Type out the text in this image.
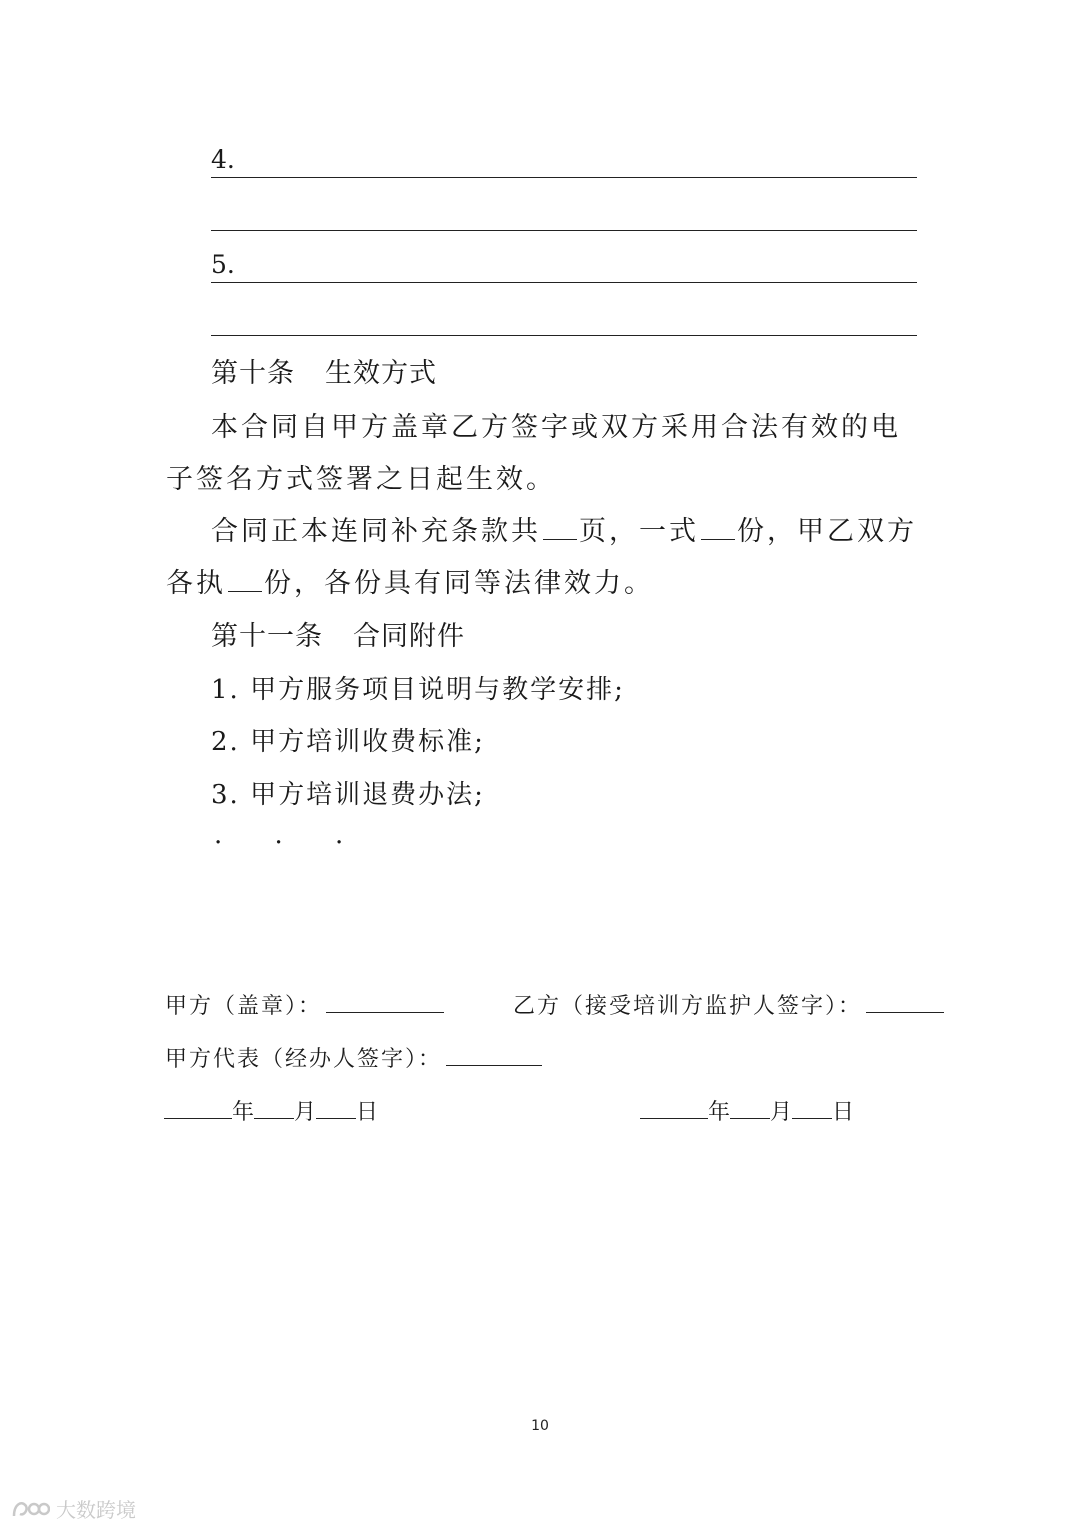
4.
5.
第十条 生效方式
本合同自甲方盖章乙方签字或双方采用合法有效的电子签名方式签署之日起生效。
合同正本连同补充条款共 页，一式 份，甲乙双方各执 份，各份具有同等法律效力。
第十一条 合同附件
1. 甲方服务项目说明与教学安排;
2. 甲方培训收费标准;
3. 甲方培训退费办法;
· · ·
甲方（盖章）：	乙方（接受培训方监护人签字）：
甲方代表（经办人签字）：
年 月 日	年 月 日
10
大数跨境
